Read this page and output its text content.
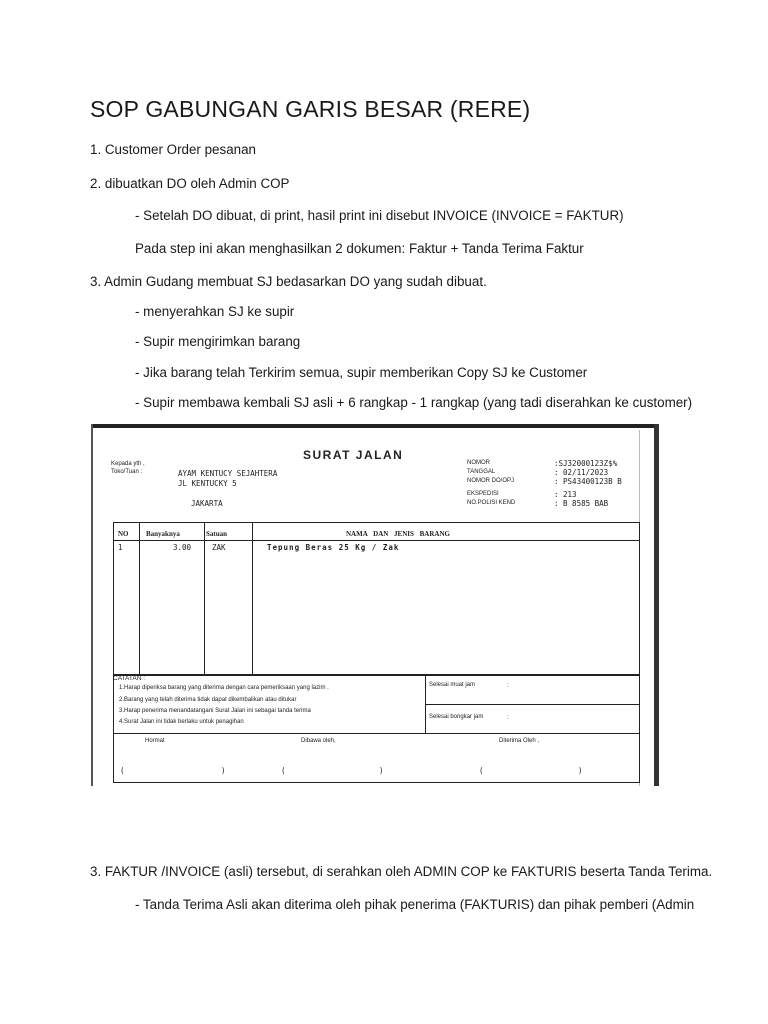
SOP GABUNGAN GARIS BESAR (RERE)
1. Customer Order pesanan
2. dibuatkan DO oleh Admin COP
- Setelah DO dibuat, di print, hasil print ini disebut INVOICE (INVOICE = FAKTUR)
Pada step ini akan menghasilkan 2 dokumen: Faktur + Tanda Terima Faktur
3. Admin Gudang membuat SJ bedasarkan DO yang sudah dibuat.
- menyerahkan SJ ke supir
- Supir mengirimkan barang
- Jika barang telah Terkirim semua, supir memberikan Copy SJ ke Customer
- Supir membawa kembali SJ asli + 6 rangkap - 1 rangkap (yang tadi diserahkan ke customer)
SURAT JALAN
Kepada yth ,
Toko/Tuan :	AYAM KENTUCY SEJAHTERA
JL KENTUCKY 5
JAKARTA
NOMOR	:SJ32000123Z$%
TANGGAL	: 02/11/2023
NOMOR DO/OPJ	: PS43400123B B
EKSPEDISI	: 213
NO.POLISI KEND	: B 8585 BAB
NO	Banyaknya	Satuan	NAMA DAN JENIS BARANG
1	3.00	ZAK	Tepung Beras 25 Kg / Zak
CATATAN :
1.Harap diperiksa barang yang diterima dengan cara pemeriksaan yang lazim .
2.Barang yang telah diterima tidak dapat dikembalikan atau ditukar
3.Harap penerima menandatangani Surat Jalan ini sebagai tanda terima
4.Surat Jalan ini tidak berlaku untuk penagihan
Selesai muat jam	:
Selesai bongkar jam	:
Hormat	Dibawa oleh,	Diterima Oleh ,
(	)	(	)	(	)
3. FAKTUR /INVOICE (asli) tersebut, di serahkan oleh ADMIN COP ke FAKTURIS beserta Tanda Terima.
- Tanda Terima Asli akan diterima oleh pihak penerima (FAKTURIS) dan pihak pemberi (Admin
